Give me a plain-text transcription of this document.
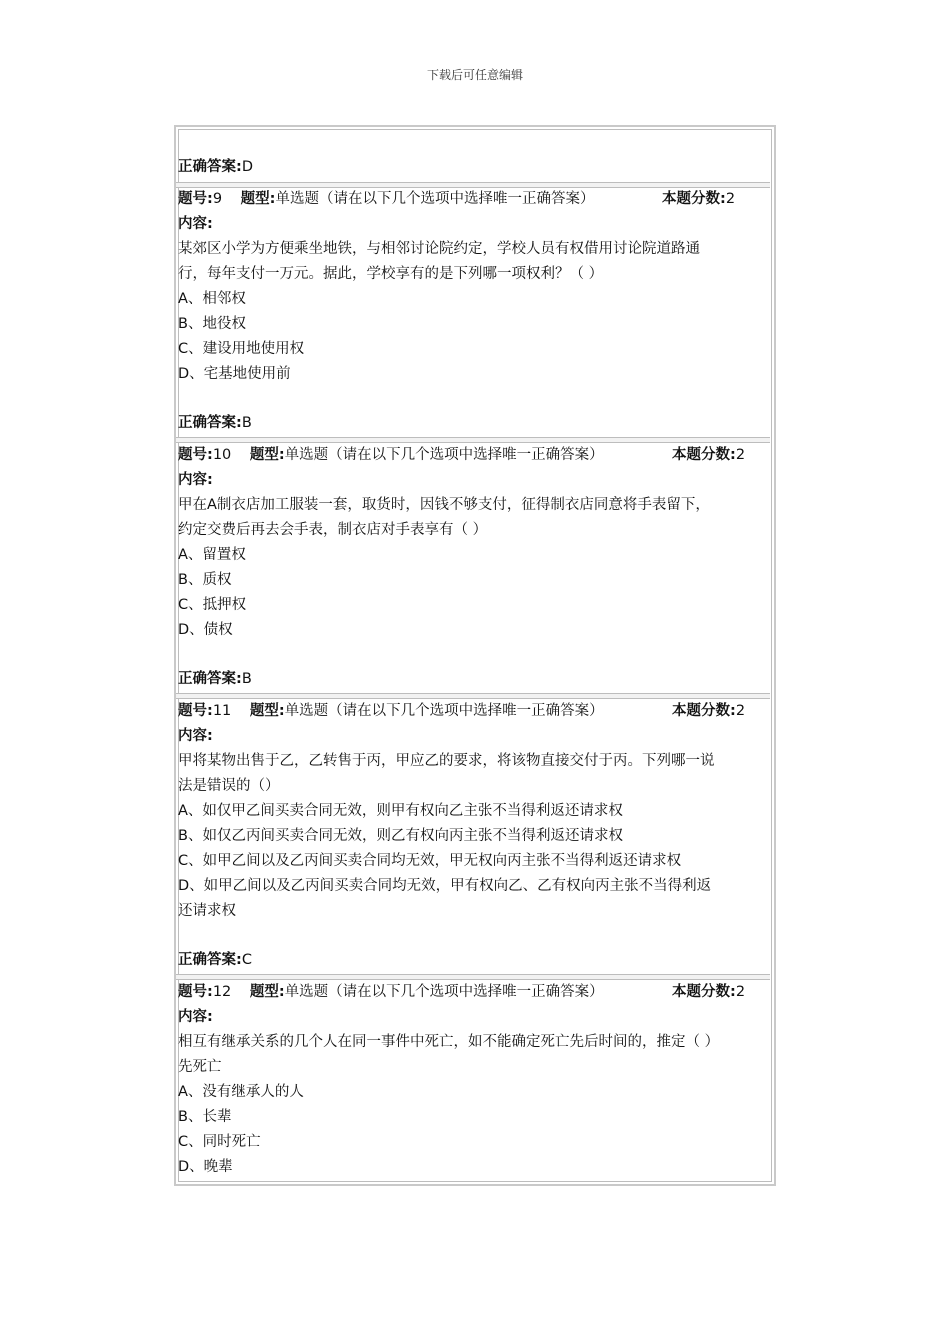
下载后可任意编辑
正确答案:D
题号:9 题型:单选题（请在以下几个选项中选择唯一正确答案）	本题分数:2
内容:
某郊区小学为方便乘坐地铁，与相邻讨论院约定，学校人员有权借用讨论院道路通
行，每年支付一万元。据此，学校享有的是下列哪一项权利？（ ）
A、相邻权
B、地役权
C、建设用地使用权
D、宅基地使用前
正确答案:B
题号:10 题型:单选题（请在以下几个选项中选择唯一正确答案）	本题分数:2
内容:
甲在A制衣店加工服装一套，取货时，因钱不够支付，征得制衣店同意将手表留下，
约定交费后再去会手表，制衣店对手表享有（ ）
A、留置权
B、质权
C、抵押权
D、债权
正确答案:B
题号:11 题型:单选题（请在以下几个选项中选择唯一正确答案）	本题分数:2
内容:
甲将某物出售于乙，乙转售于丙，甲应乙的要求，将该物直接交付于丙。下列哪一说
法是错误的（）
A、如仅甲乙间买卖合同无效，则甲有权向乙主张不当得利返还请求权
B、如仅乙丙间买卖合同无效，则乙有权向丙主张不当得利返还请求权
C、如甲乙间以及乙丙间买卖合同均无效，甲无权向丙主张不当得利返还请求权
D、如甲乙间以及乙丙间买卖合同均无效，甲有权向乙、乙有权向丙主张不当得利返
还请求权
正确答案:C
题号:12 题型:单选题（请在以下几个选项中选择唯一正确答案）	本题分数:2
内容:
相互有继承关系的几个人在同一事件中死亡，如不能确定死亡先后时间的，推定（ ）
先死亡
A、没有继承人的人
B、长辈
C、同时死亡
D、晚辈
